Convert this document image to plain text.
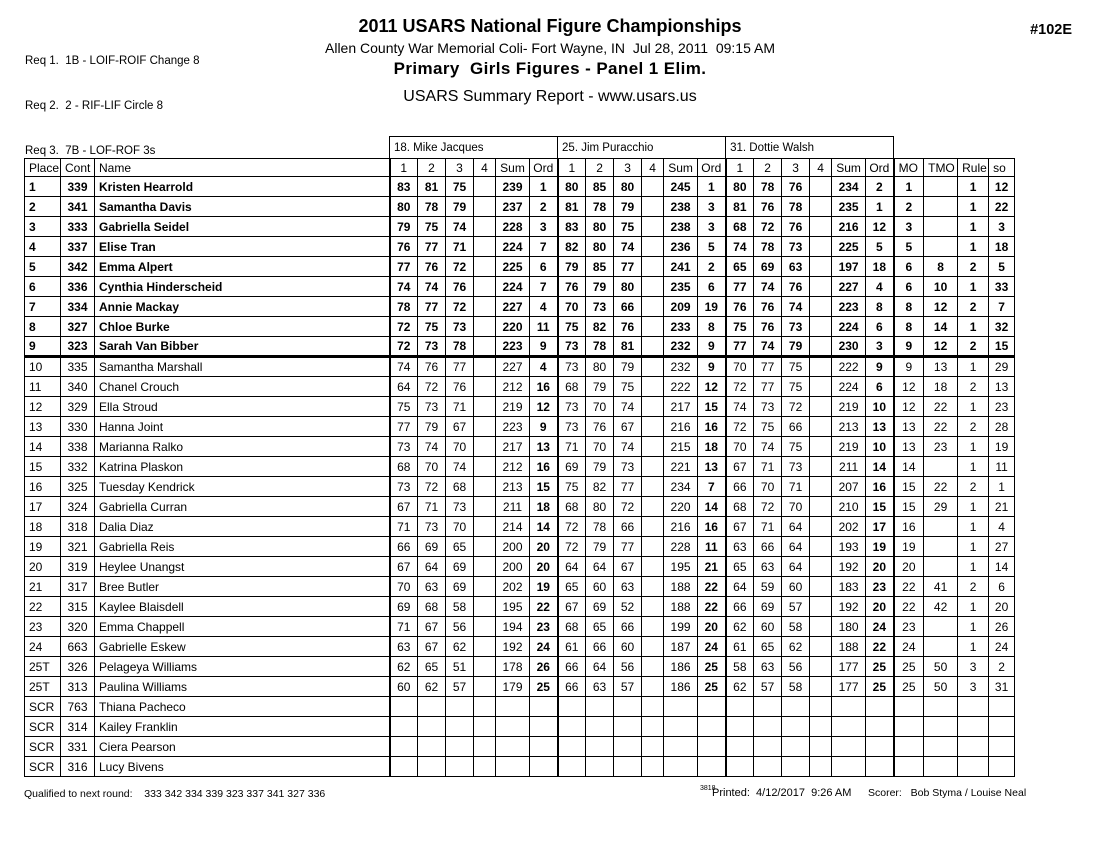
Req 1.  1B - LOIF-ROIF Change 8

Req 2.  2 - RIF-LIF Circle 8

Req 3.  7B - LOF-ROF 3s

2011 USARS National Figure Championships
Allen County War Memorial Coli- Fort Wayne, IN  Jul 28, 2011  09:15 AM
Primary  Girls Figures - Panel 1 Elim.
USARS Summary Report - www.usars.us
#102E
			18. Mike Jacques						25. Jim Puracchio						31. Dottie Walsh									
Place	Cont	Name	1	2	3	4	Sum	Ord	1	2	3	4	Sum	Ord	1	2	3	4	Sum	Ord	MO	TMO	Rule	so
1	339	Kristen Hearrold	83	81	75		239	1	80	85	80		245	1	80	78	76		234	2	1		1	12
2	341	Samantha Davis	80	78	79		237	2	81	78	79		238	3	81	76	78		235	1	2		1	22
3	333	Gabriella Seidel	79	75	74		228	3	83	80	75		238	3	68	72	76		216	12	3		1	3
4	337	Elise Tran	76	77	71		224	7	82	80	74		236	5	74	78	73		225	5	5		1	18
5	342	Emma Alpert	77	76	72		225	6	79	85	77		241	2	65	69	63		197	18	6	8	2	5
6	336	Cynthia Hinderscheid	74	74	76		224	7	76	79	80		235	6	77	74	76		227	4	6	10	1	33
7	334	Annie Mackay	78	77	72		227	4	70	73	66		209	19	76	76	74		223	8	8	12	2	7
8	327	Chloe Burke	72	75	73		220	11	75	82	76		233	8	75	76	73		224	6	8	14	1	32
9	323	Sarah Van Bibber	72	73	78		223	9	73	78	81		232	9	77	74	79		230	3	9	12	2	15
10	335	Samantha Marshall	74	76	77		227	4	73	80	79		232	9	70	77	75		222	9	9	13	1	29
11	340	Chanel Crouch	64	72	76		212	16	68	79	75		222	12	72	77	75		224	6	12	18	2	13
12	329	Ella Stroud	75	73	71		219	12	73	70	74		217	15	74	73	72		219	10	12	22	1	23
13	330	Hanna Joint	77	79	67		223	9	73	76	67		216	16	72	75	66		213	13	13	22	2	28
14	338	Marianna Ralko	73	74	70		217	13	71	70	74		215	18	70	74	75		219	10	13	23	1	19
15	332	Katrina Plaskon	68	70	74		212	16	69	79	73		221	13	67	71	73		211	14	14		1	11
16	325	Tuesday Kendrick	73	72	68		213	15	75	82	77		234	7	66	70	71		207	16	15	22	2	1
17	324	Gabriella Curran	67	71	73		211	18	68	80	72		220	14	68	72	70		210	15	15	29	1	21
18	318	Dalia Diaz	71	73	70		214	14	72	78	66		216	16	67	71	64		202	17	16		1	4
19	321	Gabriella Reis	66	69	65		200	20	72	79	77		228	11	63	66	64		193	19	19		1	27
20	319	Heylee Unangst	67	64	69		200	20	64	64	67		195	21	65	63	64		192	20	20		1	14
21	317	Bree Butler	70	63	69		202	19	65	60	63		188	22	64	59	60		183	23	22	41	2	6
22	315	Kaylee Blaisdell	69	68	58		195	22	67	69	52		188	22	66	69	57		192	20	22	42	1	20
23	320	Emma Chappell	71	67	56		194	23	68	65	66		199	20	62	60	58		180	24	23		1	26
24	663	Gabrielle Eskew	63	67	62		192	24	61	66	60		187	24	61	65	62		188	22	24		1	24
25T	326	Pelageya Williams	62	65	51		178	26	66	64	56		186	25	58	63	56		177	25	25	50	3	2
25T	313	Paulina Williams	60	62	57		179	25	66	63	57		186	25	62	57	58		177	25	25	50	3	31
SCR	763	Thiana Pacheco																						
SCR	314	Kailey Franklin																						
SCR	331	Ciera Pearson																						
SCR	316	Lucy Bivens																						
Qualified to next round:    333 342 334 339 323 337 341 327 336	3818
Printed:  4/12/2017  9:26 AM Scorer:   Bob Styma / Louise Neal
